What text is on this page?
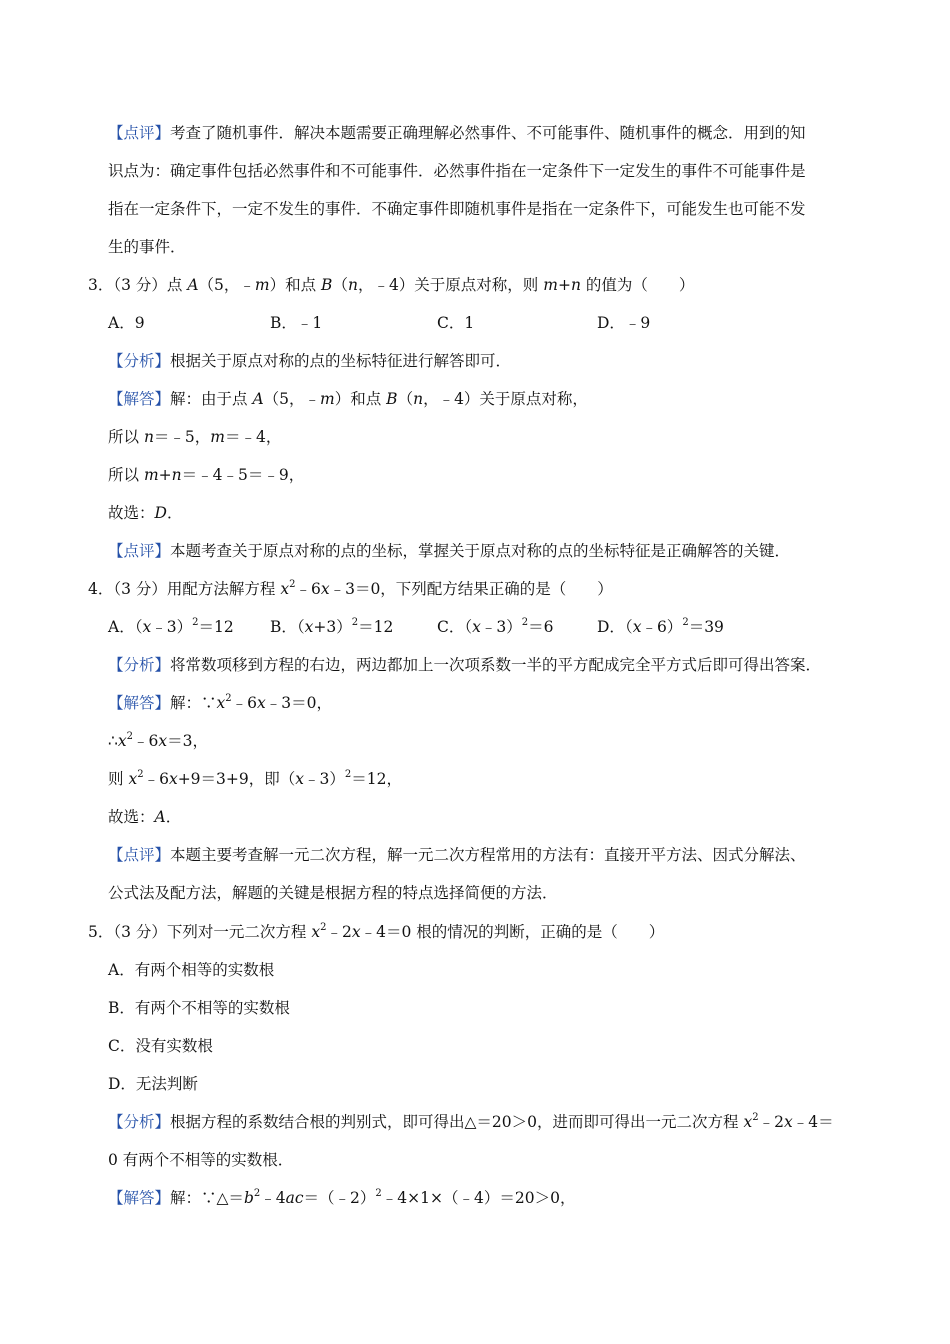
【点评】考查了随机事件．解决本题需要正确理解必然事件、不可能事件、随机事件的概念．用到的知
识点为：确定事件包括必然事件和不可能事件．必然事件指在一定条件下一定发生的事件不可能事件是
指在一定条件下，一定不发生的事件．不确定事件即随机事件是指在一定条件下，可能发生也可能不发
生的事件．
3．（3 分）点 A（5，﹣m）和点 B（n，﹣4）关于原点对称，则 m+n 的值为（　　）
A．9	B．﹣1	C．1	D．﹣9
【分析】根据关于原点对称的点的坐标特征进行解答即可．
【解答】解：由于点 A（5，﹣m）和点 B（n，﹣4）关于原点对称，
所以 n＝﹣5，m＝﹣4，
所以 m+n＝﹣4﹣5＝﹣9，
故选：D．
【点评】本题考查关于原点对称的点的坐标，掌握关于原点对称的点的坐标特征是正确解答的关键．
4．（3 分）用配方法解方程 $x^2﹣6x﹣3=0$，下列配方结果正确的是（　　）
A．（x﹣3）$^2$＝12 B．$(x+3)^2=12$	C．（x﹣3）$^2$＝6	D．（x﹣6）$^2$＝39
【分析】将常数项移到方程的右边，两边都加上一次项系数一半的平方配成完全平方式后即可得出答案．
【解答】解：$\because x^2﹣6x﹣3=0$，
$\therefore x^2﹣6x=3$，
则 $x^2﹣6x+9=3+9$，即（x﹣3）$^2$＝12，
故选：A．
【点评】本题主要考查解一元二次方程，解一元二次方程常用的方法有：直接开平方法、因式分解法、
公式法及配方法，解题的关键是根据方程的特点选择简便的方法．
5．（3 分）下列对一元二次方程 $x^2﹣2x﹣4=0$ 根的情况的判断，正确的是（　　）
A．有两个相等的实数根
B．有两个不相等的实数根
C．没有实数根
D．无法判断
【分析】根据方程的系数结合根的判别式，即可得出△＝20＞0，进而即可得出一元二次方程 $x^2﹣2x﹣4=$
0 有两个不相等的实数根．
【解答】解：$\because\triangle=b^2﹣4ac=(﹣2)^2﹣4\times 1\times(﹣4)=20>0$，
